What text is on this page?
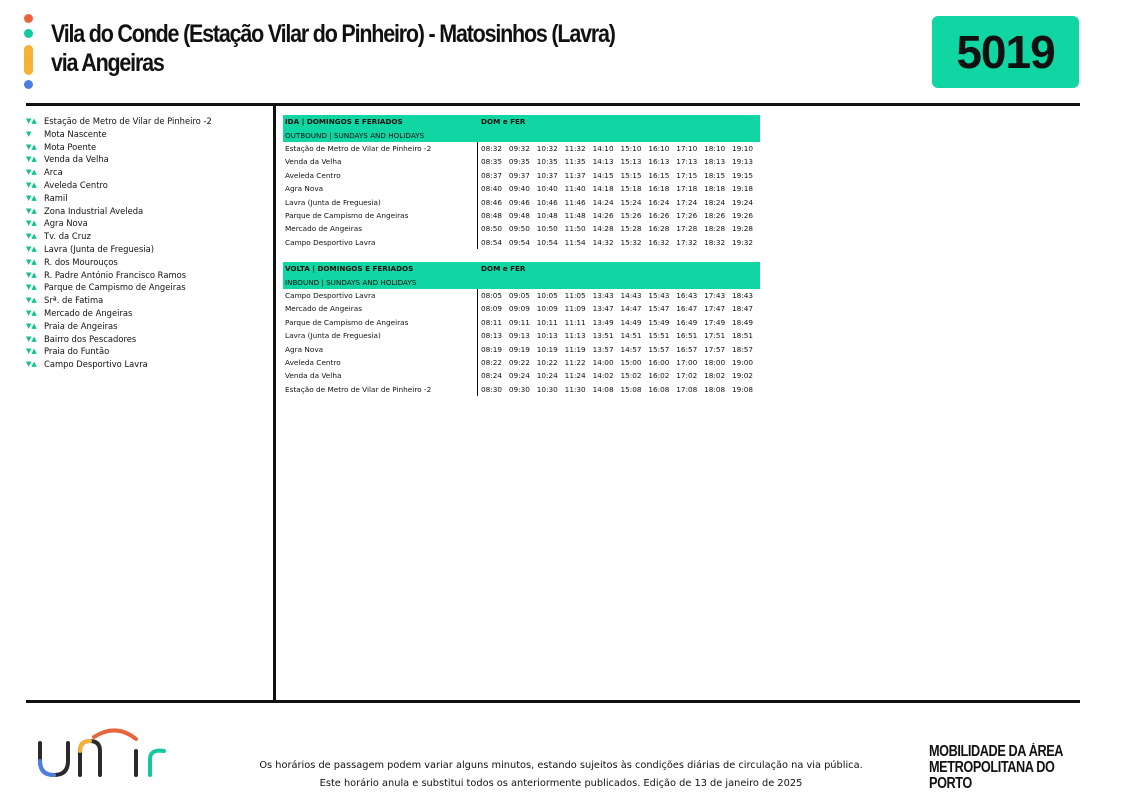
Vila do Conde (Estação Vilar do Pinheiro) - Matosinhos (Lavra)
via Angeiras	5019
▼▲ Estação de Metro de Vilar de Pinheiro -2
▼	Mota Nascente
▼▲ Mota Poente
▼▲ Venda da Velha
▼▲ Arca
▼▲ Aveleda Centro
▼▲ Ramil
▼▲ Zona Industrial Aveleda
▼▲ Agra Nova
▼▲ Tv. da Cruz
▼▲ Lavra (Junta de Freguesia)
▼▲ R. dos Mourouços
▼▲ R. Padre António Francisco Ramos
▼▲ Parque de Campismo de Angeiras
▼▲ Srª. de Fatima
▼▲ Mercado de Angeiras
▼▲ Praia de Angeiras
▼▲ Bairro dos Pescadores
▼▲ Praia do Funtão
▼▲ Campo Desportivo Lavra
IDA | DOMINGOS E FERIADOS	DOM e FER
OUTBOUND | SUNDAYS AND HOLIDAYS	
Estação de Metro de Vilar de Pinheiro -2	08:32 09:32 10:32 11:32 14:10 15:10 16:10 17:10 18:10 19:10
Venda da Velha	08:35 09:35 10:35 11:35 14:13 15:13 16:13 17:13 18:13 19:13
Aveleda Centro	08:37 09:37 10:37 11:37 14:15 15:15 16:15 17:15 18:15 19:15
Agra Nova	08:40 09:40 10:40 11:40 14:18 15:18 16:18 17:18 18:18 19:18
Lavra (Junta de Freguesia)	08:46 09:46 10:46 11:46 14:24 15:24 16:24 17:24 18:24 19:24
Parque de Campismo de Angeiras	08:48 09:48 10:48 11:48 14:26 15:26 16:26 17:26 18:26 19:26
Mercado de Angeiras	08:50 09:50 10:50 11:50 14:28 15:28 16:28 17:28 18:28 19:28
Campo Desportivo Lavra	08:54 09:54 10:54 11:54 14:32 15:32 16:32 17:32 18:32 19:32
VOLTA | DOMINGOS E FERIADOS	DOM e FER
INBOUND | SUNDAYS AND HOLIDAYS	
Campo Desportivo Lavra	08:05 09:05 10:05 11:05 13:43 14:43 15:43 16:43 17:43 18:43
Mercado de Angeiras	08:09 09:09 10:09 11:09 13:47 14:47 15:47 16:47 17:47 18:47
Parque de Campismo de Angeiras	08:11 09:11 10:11 11:11 13:49 14:49 15:49 16:49 17:49 18:49
Lavra (Junta de Freguesia)	08:13 09:13 10:13 11:13 13:51 14:51 15:51 16:51 17:51 18:51
Agra Nova	08:19 09:19 10:19 11:19 13:57 14:57 15:57 16:57 17:57 18:57
Aveleda Centro	08:22 09:22 10:22 11:22 14:00 15:00 16:00 17:00 18:00 19:00
Venda da Velha	08:24 09:24 10:24 11:24 14:02 15:02 16:02 17:02 18:02 19:02
Estação de Metro de Vilar de Pinheiro -2	08:30 09:30 10:30 11:30 14:08 15:08 16:08 17:08 18:08 19:08
UNir
Os horários de passagem podem variar alguns minutos, estando sujeitos às condições diárias de circulação na via pública.
Este horário anula e substitui todos os anteriormente publicados. Edição de 13 de janeiro de 2025
MOBILIDADE DA ÁREA
METROPOLITANA DO PORTO
